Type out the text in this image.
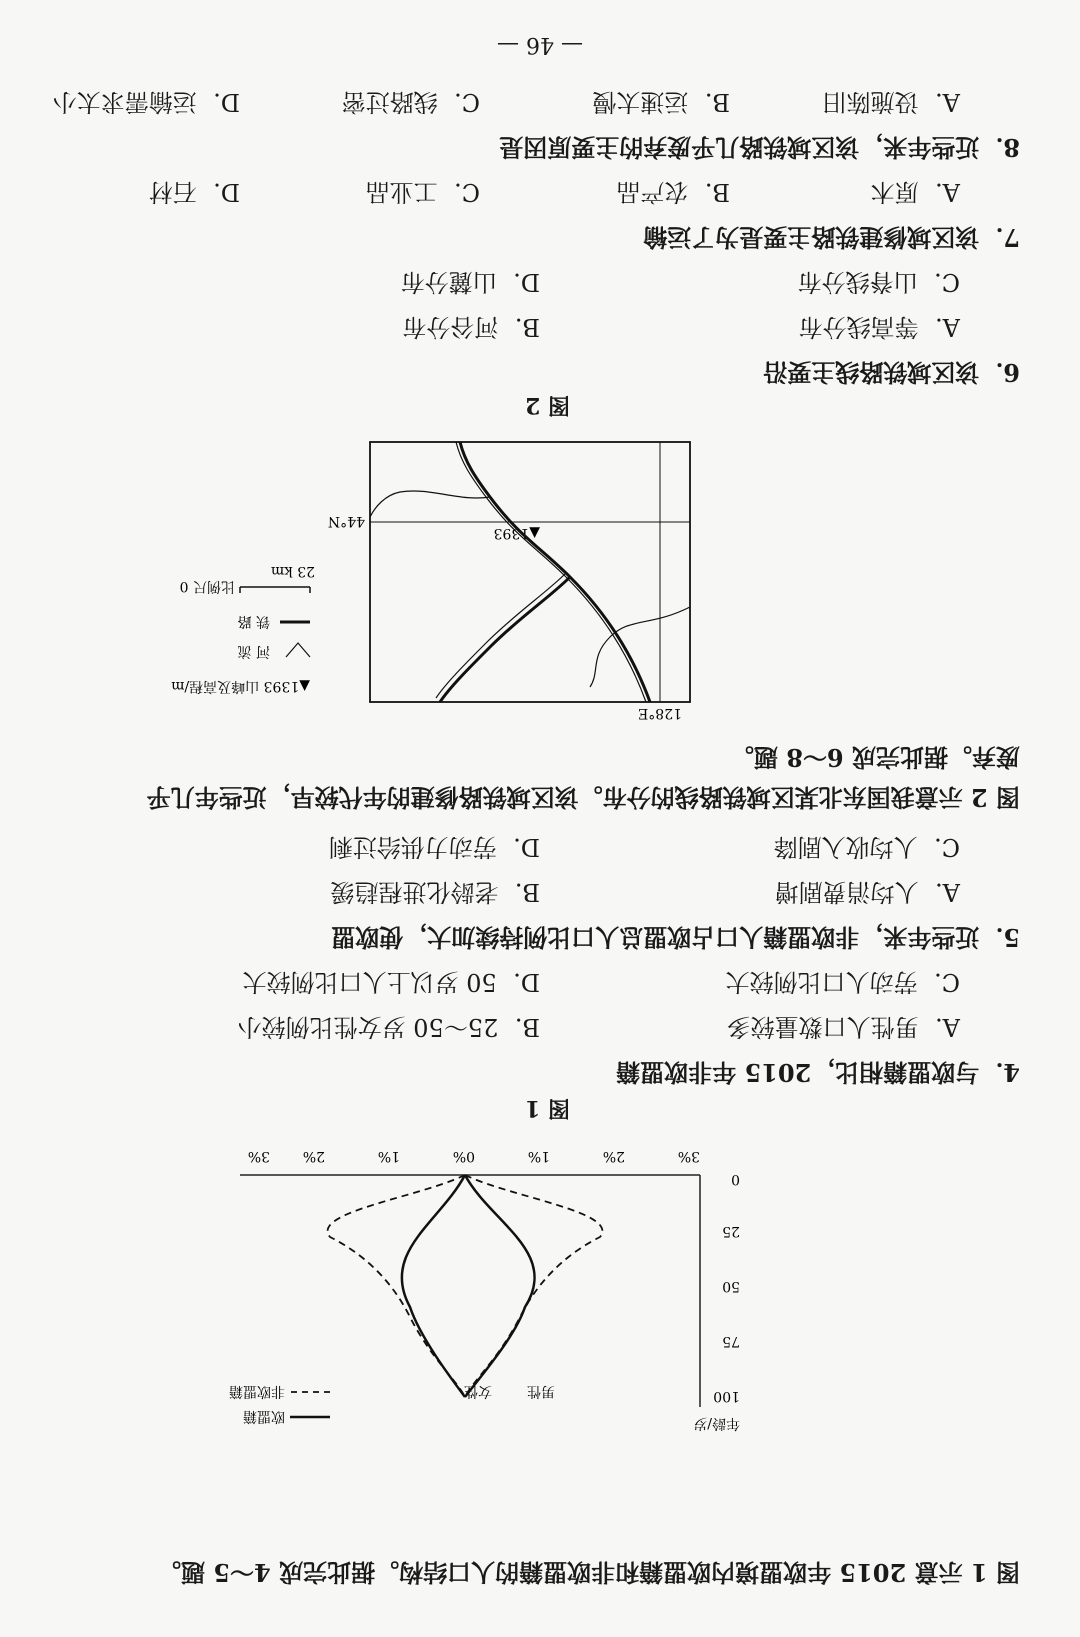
图 1 示意 2015 年欧盟境内欧盟籍和非欧盟籍的人口结构。据此完成 4～5 题。
年龄/岁
100
75
50
25
0
3%
2%
1%
0%
1%
2%
3%
男性
女性
欧盟籍
非欧盟籍
图 1
4．与欧盟籍相比，2015 年非欧盟籍
A．男性人口数量较多
B．25～50 岁女性比例较小
C．劳动人口比例较大
D．50 岁以上人口比例较大
5．近些年来，非欧盟籍人口占欧盟总人口比例持续加大，使欧盟
A．人均消费剧增
B．老龄化进程趋缓
C．人均收入剧降
D．劳动力供给过剩
图 2 示意我国东北某区域铁路线的分布。该区域铁路修建的年代较早，近些年几乎
废弃。据此完成 6～8 题。
128°E
44°N
▲1393
▲1393 山峰及高程/m
河 流
铁 路
23 km
比例尺 0
图 2
6．该区域铁路线主要沿
A．等高线分布
B．河谷分布
C．山脊线分布
D．山麓分布
7．该区域修建铁路主要是为了运输
A．原木
B．农产品
C．工业品
D．石材
8．近些年来，该区域铁路几乎废弃的主要原因是
A．设施陈旧
B．运速太慢
C．线路过密
D．运输需求太小
— 46 —
